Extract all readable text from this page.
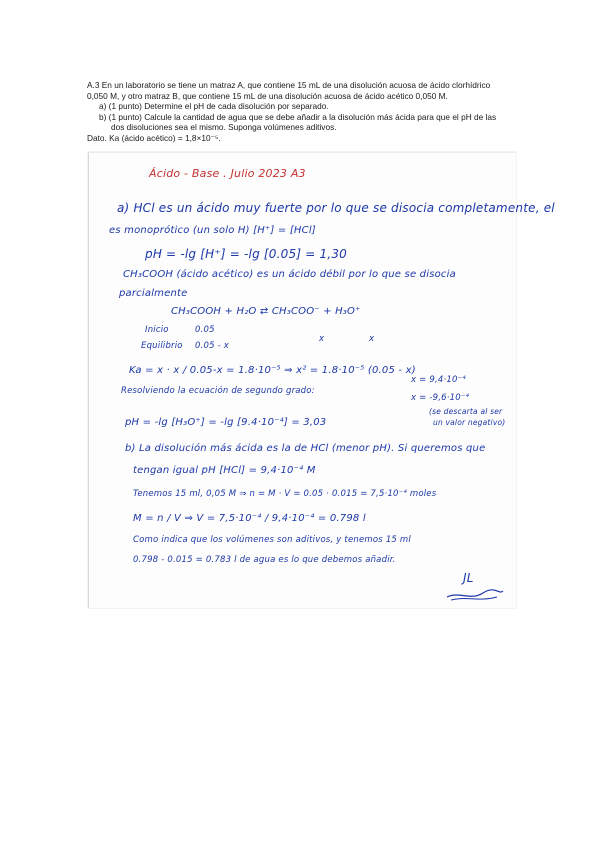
A.3 En un laboratorio se tiene un matraz A, que contiene 15 mL de una disolución acuosa de ácido clorhídrico
0,050 M, y otro matraz B, que contiene 15 mL de una disolución acuosa de ácido acético 0,050 M.
a) (1 punto) Determine el pH de cada disolución por separado.
b) (1 punto) Calcule la cantidad de agua que se debe añadir a la disolución más ácida para que el pH de las
dos disoluciones sea el mismo. Suponga volúmenes aditivos.
Dato. Ka (ácido acético) = 1,8×10⁻⁵.
Ácido - Base . Julio 2023 A3
a) HCl es un ácido muy fuerte por lo que se disocia completamente, el
es monoprótico (un solo H) [H⁺] = [HCl]
pH = -lg [H⁺] = -lg [0.05] = 1,30
CH₃COOH (ácido acético) es un ácido débil por lo que se disocia
parcialmente
CH₃COOH + H₂O ⇄ CH₃COO⁻ + H₃O⁺
Inicio	0.05
Equilibrio 0.05 - x
x	x
Ka = x · x / 0.05-x = 1.8·10⁻⁵ ⇒ x² = 1.8·10⁻⁵ (0.05 - x)
Resolviendo la ecuación de segundo grado:
x = 9,4·10⁻⁴
x = -9,6·10⁻⁴
(se descarta al ser
un valor negativo)
pH = -lg [H₃O⁺] = -lg [9.4·10⁻⁴] = 3,03
b) La disolución más ácida es la de HCl (menor pH). Si queremos que
tengan igual pH [HCl] = 9,4·10⁻⁴ M
Tenemos 15 ml, 0,05 M ⇒ n = M · V = 0.05 · 0.015 = 7,5·10⁻⁴ moles
M = n / V ⇒ V = 7,5·10⁻⁴ / 9,4·10⁻⁴ = 0.798 l
Como indica que los volúmenes son aditivos, y tenemos 15 ml
0.798 - 0.015 = 0.783 l de agua es lo que debemos añadir.
JL
